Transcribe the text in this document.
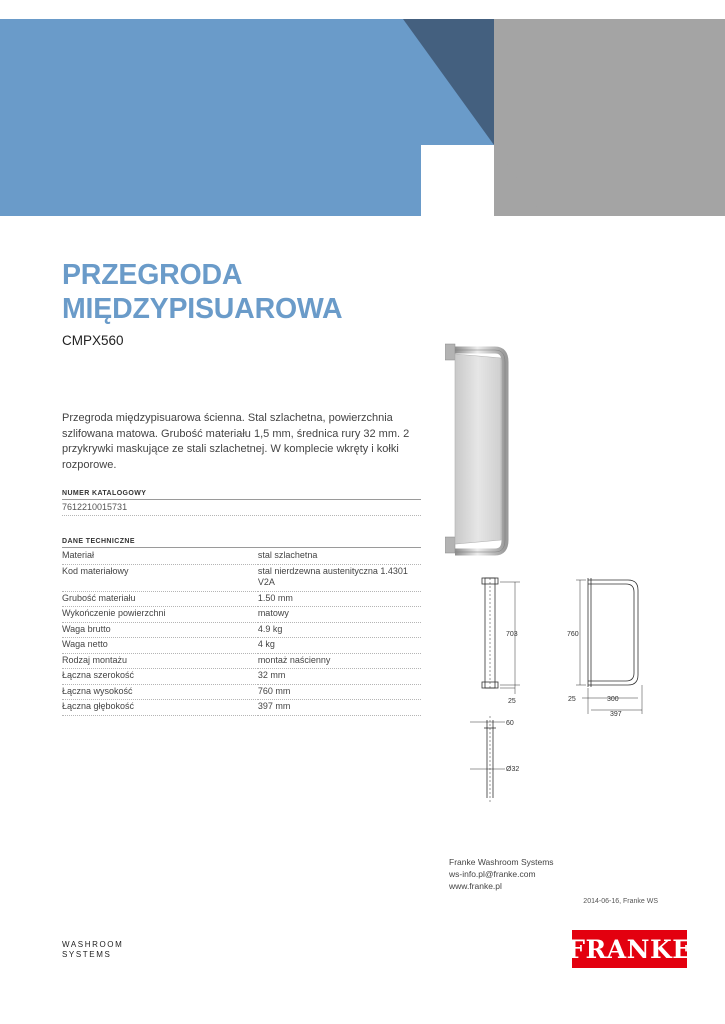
PRZEGRODA
MIĘDZYPISUAROWA
CMPX560
Przegroda międzypisuarowa ścienna. Stal szlachetna, powierzchnia szlifowana matowa. Grubość materiału 1,5 mm, średnica rury 32 mm. 2 przykrywki maskujące ze stali szlachetnej. W komplecie wkręty i kołki rozporowe.
NUMER KATALOGOWY
7612210015731
DANE TECHNICZNE
Materiał	stal szlachetna
Kod materiałowy	stal nierdzewna austenityczna 1.4301 V2A
Grubość materiału	1.50 mm
Wykończenie powierzchni	matowy
Waga brutto	4.9 kg
Waga netto	4 kg
Rodzaj montażu	montaż naścienny
Łączna szerokość	32 mm
Łączna wysokość	760 mm
Łączna głębokość	397 mm
703
25
760
25	300
397
60
Ø32
Franke Washroom Systems
ws-info.pl@franke.com
www.franke.pl
2014-06-16, Franke WS
WASHROOM
SYSTEMS	FRANKE
